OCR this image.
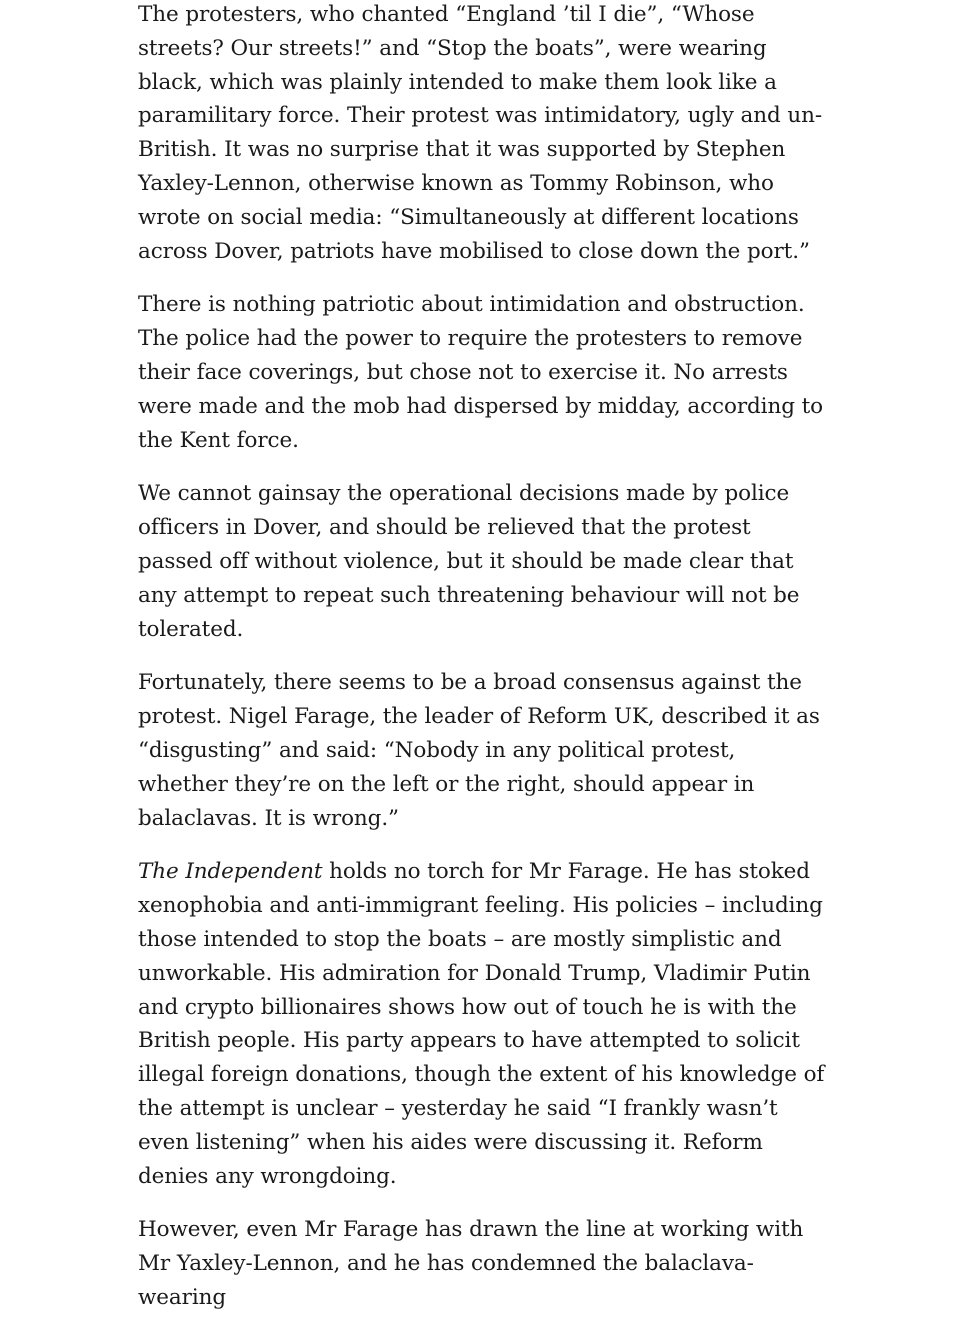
The protesters, who chanted “England ’til I die”, “Whose streets? Our streets!” and “Stop the boats”, were wearing black, which was plainly intended to make them look like a paramilitary force. Their protest was intimidatory, ugly and un-British. It was no surprise that it was supported by Stephen Yaxley-Lennon, otherwise known as Tommy Robinson, who wrote on social media: “Simultaneously at different locations across Dover, patriots have mobilised to close down the port.”

There is nothing patriotic about intimidation and obstruction. The police had the power to require the protesters to remove their face coverings, but chose not to exercise it. No arrests were made and the mob had dispersed by midday, according to the Kent force.

We cannot gainsay the operational decisions made by police officers in Dover, and should be relieved that the protest passed off without violence, but it should be made clear that any attempt to repeat such threatening behaviour will not be tolerated.

Fortunately, there seems to be a broad consensus against the protest. Nigel Farage, the leader of Reform UK, described it as “disgusting” and said: “Nobody in any political protest, whether they’re on the left or the right, should appear in balaclavas. It is wrong.”

The Independent holds no torch for Mr Farage. He has stoked xenophobia and anti-immigrant feeling. His policies – including those intended to stop the boats – are mostly simplistic and unworkable. His admiration for Donald Trump, Vladimir Putin and crypto billionaires shows how out of touch he is with the British people. His party appears to have attempted to solicit illegal foreign donations, though the extent of his knowledge of the attempt is unclear – yesterday he said “I frankly wasn’t even listening” when his aides were discussing it. Reform denies any wrongdoing.

However, even Mr Farage has drawn the line at working with Mr Yaxley-Lennon, and he has condemned the balaclava-wearing
